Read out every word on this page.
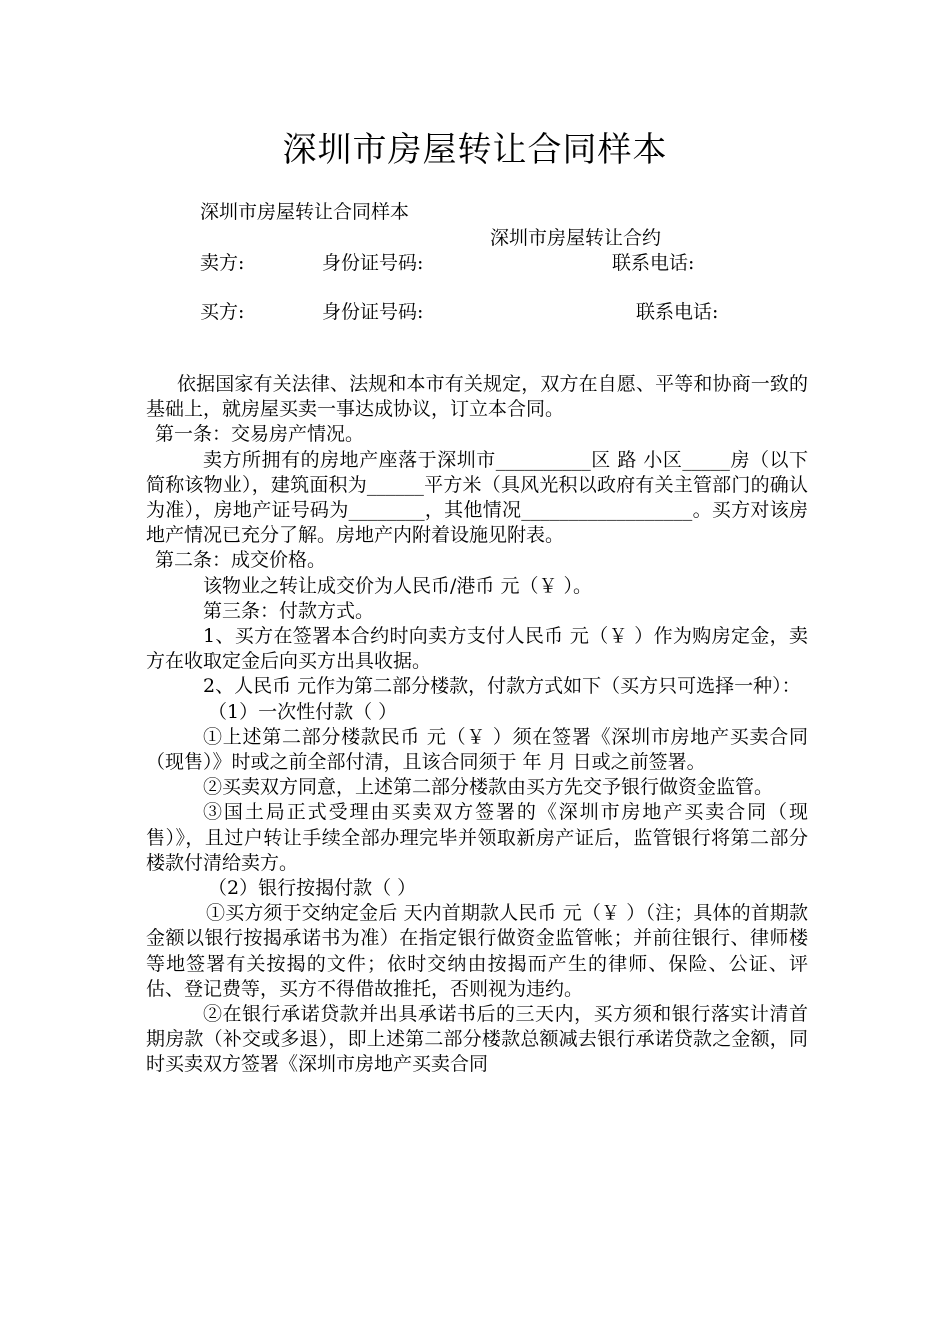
深圳市房屋转让合同样本
深圳市房屋转让合同样本
深圳市房屋转让合约
卖方:	身份证号码:	联系电话:
买方:	身份证号码:	联系电话:

依据国家有关法律、法规和本市有关规定，双方在自愿、平等和协商一致的基础上，就房屋买卖一事达成协议，订立本合同。

第一条：交易房产情况。

卖方所拥有的房地产座落于深圳市__________区 路 小区_____房（以下简称该物业），建筑面积为______平方米（具风光积以政府有关主管部门的确认为准），房地产证号码为________，其他情况__________________。买方对该房地产情况已充分了解。房地产内附着设施见附表。

第二条：成交价格。

该物业之转让成交价为人民币/港币 元（￥ ）。

第三条：付款方式。

1、买方在签署本合约时向卖方支付人民币 元（￥ ）作为购房定金，卖方在收取定金后向买方出具收据。

2、人民币 元作为第二部分楼款，付款方式如下（买方只可选择一种）：

（1）一次性付款（ ）

①上述第二部分楼款民币 元（￥ ）须在签署《深圳市房地产买卖合同（现售）》时或之前全部付清，且该合同须于 年 月 日或之前签署。

②买卖双方同意，上述第二部分楼款由买方先交予银行做资金监管。

③国土局正式受理由买卖双方签署的《深圳市房地产买卖合同（现售）》，且过户转让手续全部办理完毕并领取新房产证后，监管银行将第二部分楼款付清给卖方。

（2）银行按揭付款（ ）

①买方须于交纳定金后 天内首期款人民币 元（￥ ）（注；具体的首期款金额以银行按揭承诺书为准）在指定银行做资金监管帐；并前往银行、律师楼等地签署有关按揭的文件；依时交纳由按揭而产生的律师、保险、公证、评估、登记费等，买方不得借故推托，否则视为违约。

②在银行承诺贷款并出具承诺书后的三天内，买方须和银行落实计清首期房款（补交或多退），即上述第二部分楼款总额减去银行承诺贷款之金额，同时买卖双方签署《深圳市房地产买卖合同
